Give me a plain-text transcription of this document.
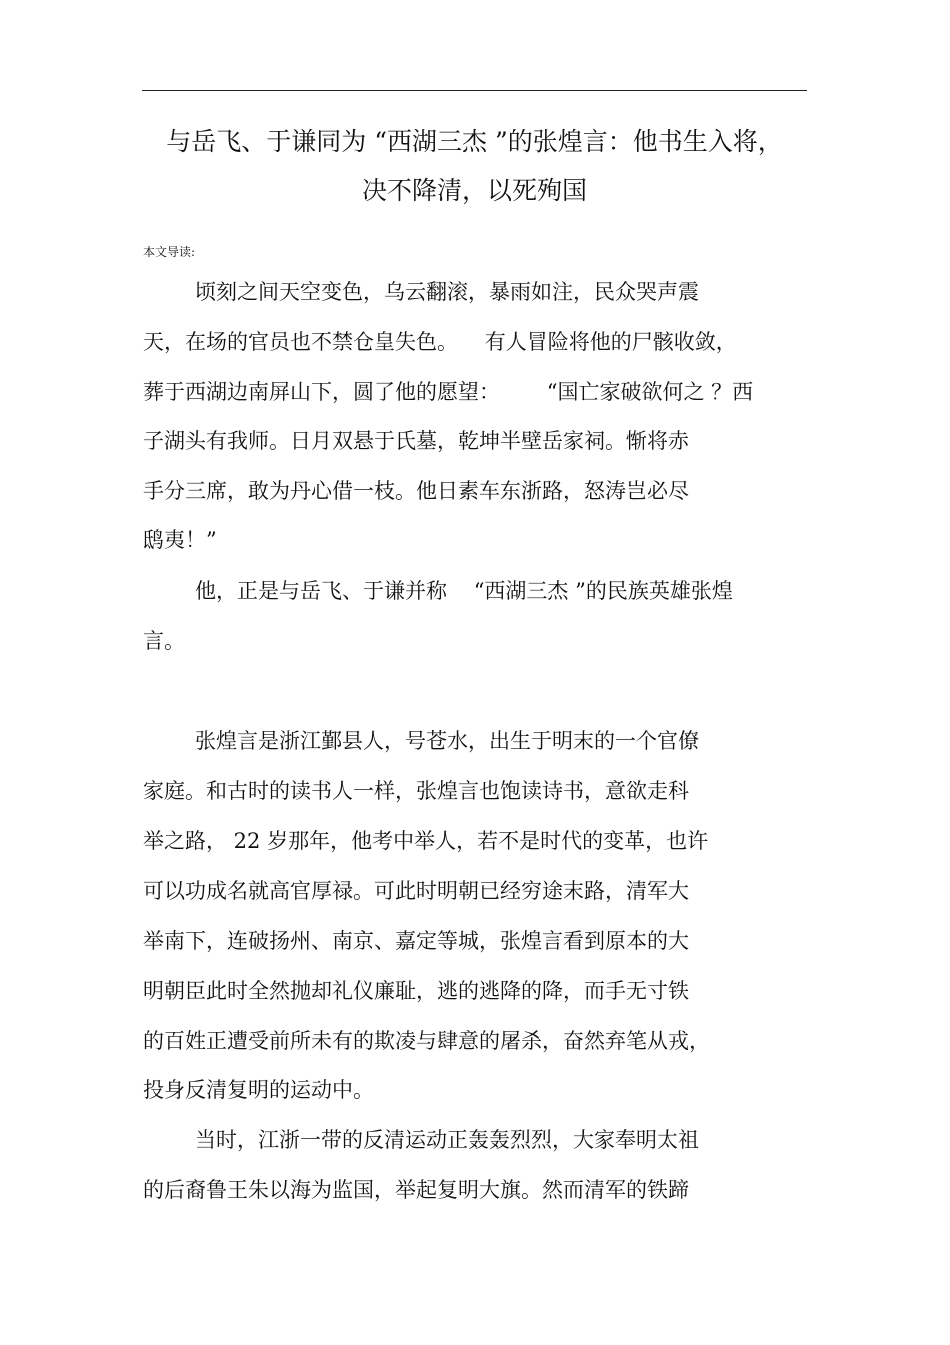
与岳飞、于谦同为 “西湖三杰 ”的张煌言：他书生入将，
决不降清，以死殉国
本文导读:
顷刻之间天空变色，乌云翻滚，暴雨如注，民众哭声震
天，在场的官员也不禁仓皇失色。    有人冒险将他的尸骸收敛，
葬于西湖边南屏山下，圆了他的愿望：       “国亡家破欲何之 ？西
子湖头有我师。日月双悬于氏墓，乾坤半壁岳家祠。惭将赤
手分三席，敢为丹心借一枝。他日素车东浙路，怒涛岂必尽
鸱夷！”
他，正是与岳飞、于谦并称    “西湖三杰 ”的民族英雄张煌
言。
张煌言是浙江鄞县人，号苍水，出生于明末的一个官僚
家庭。和古时的读书人一样，张煌言也饱读诗书，意欲走科
举之路， 22 岁那年，他考中举人，若不是时代的变革，也许
可以功成名就高官厚禄。可此时明朝已经穷途末路，清军大
举南下，连破扬州、南京、嘉定等城，张煌言看到原本的大
明朝臣此时全然抛却礼仪廉耻，逃的逃降的降，而手无寸铁
的百姓正遭受前所未有的欺凌与肆意的屠杀，奋然弃笔从戎，
投身反清复明的运动中。
当时，江浙一带的反清运动正轰轰烈烈，大家奉明太祖
的后裔鲁王朱以海为监国，举起复明大旗。然而清军的铁蹄
